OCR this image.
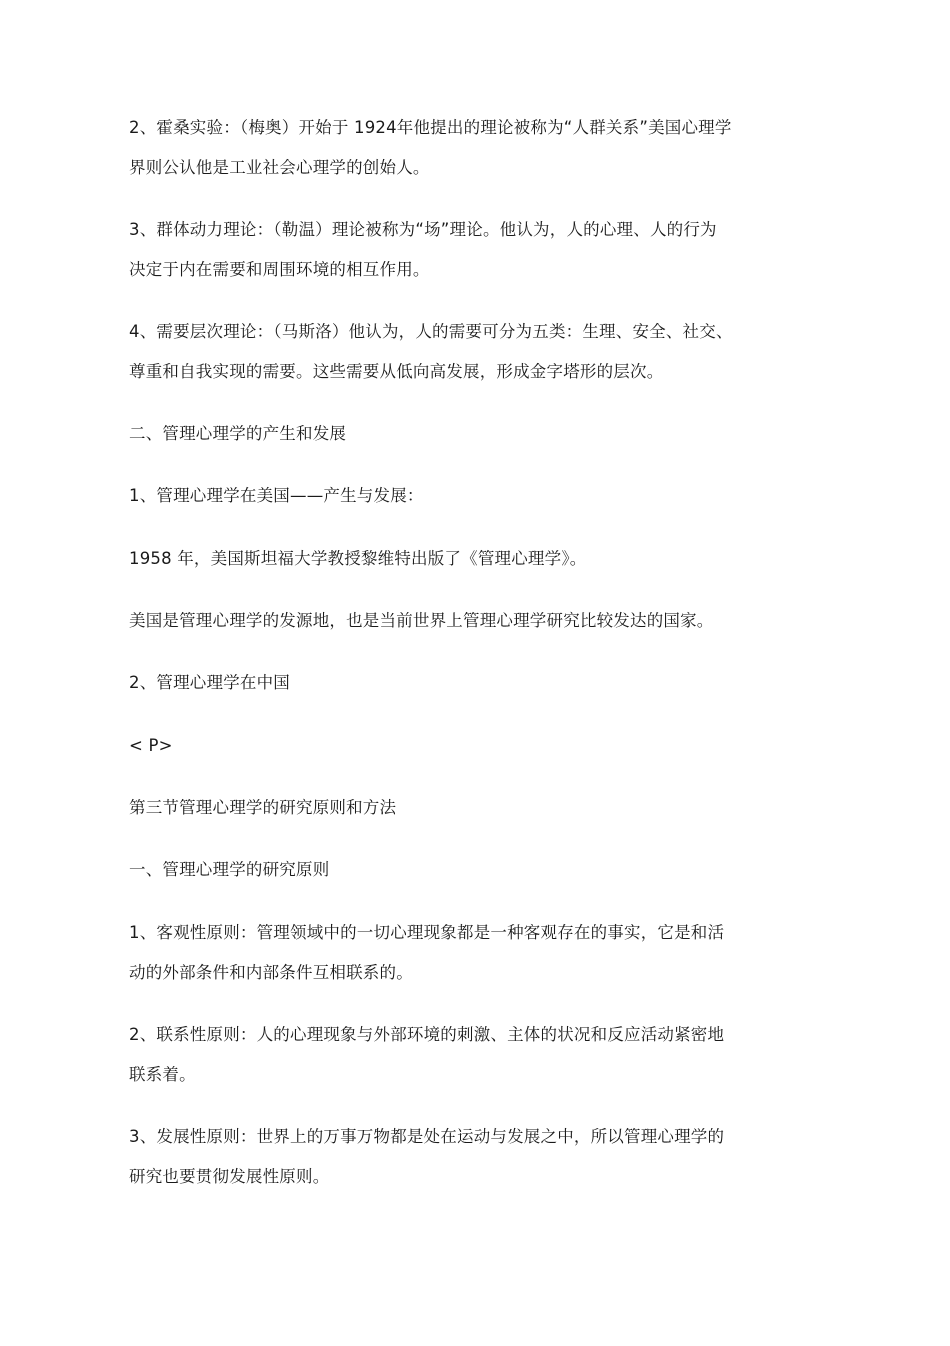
2、霍桑实验：（梅奥）开始于 1924年他提出的理论被称为“人群关系”美国心理学
界则公认他是工业社会心理学的创始人。
3、群体动力理论：（勒温）理论被称为“场”理论。他认为，人的心理、人的行为
决定于内在需要和周围环境的相互作用。
4、需要层次理论：（马斯洛）他认为，人的需要可分为五类：生理、安全、社交、
尊重和自我实现的需要。这些需要从低向高发展，形成金字塔形的层次。
二、管理心理学的产生和发展
1、管理心理学在美国——产生与发展：
1958 年，美国斯坦福大学教授黎维特出版了《管理心理学》。
美国是管理心理学的发源地，也是当前世界上管理心理学研究比较发达的国家。
2、管理心理学在中国
< P>
第三节管理心理学的研究原则和方法
一、管理心理学的研究原则
1、客观性原则：管理领域中的一切心理现象都是一种客观存在的事实，它是和活
动的外部条件和内部条件互相联系的。
2、联系性原则：人的心理现象与外部环境的刺激、主体的状况和反应活动紧密地
联系着。
3、发展性原则：世界上的万事万物都是处在运动与发展之中，所以管理心理学的
研究也要贯彻发展性原则。
